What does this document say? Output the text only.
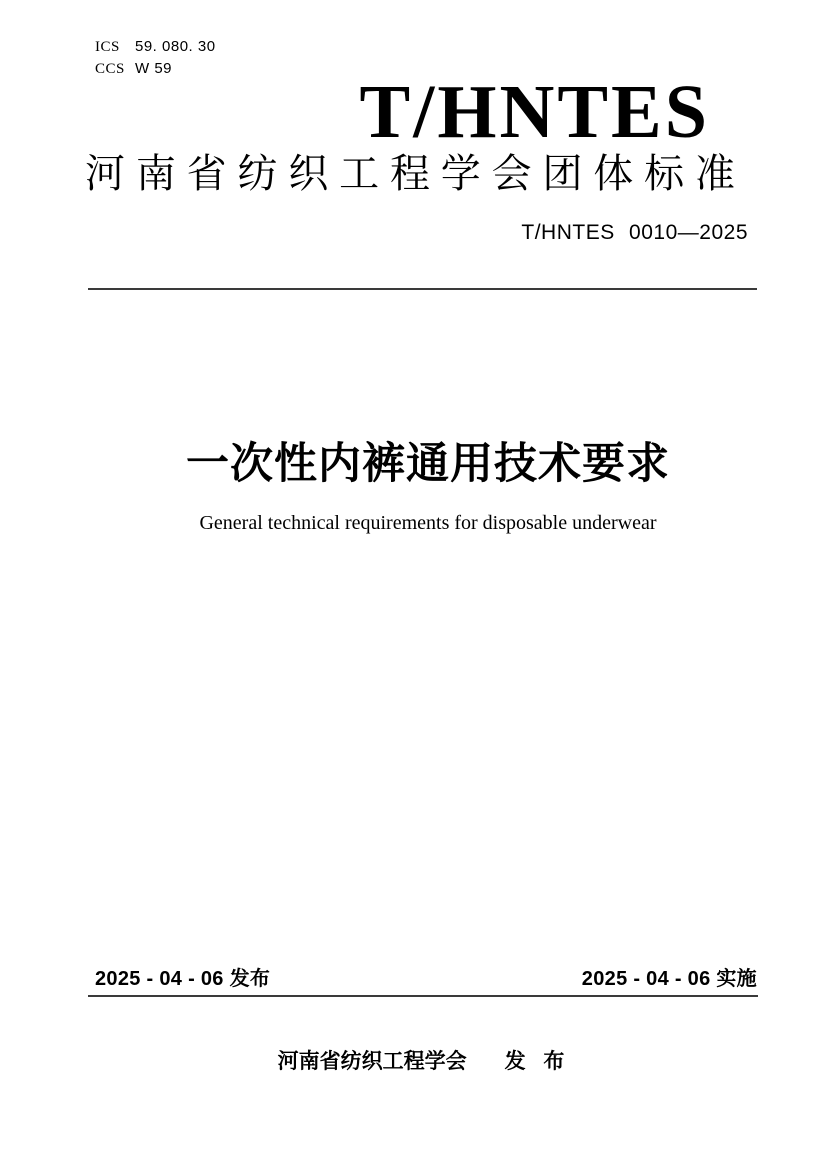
ICS	59. 080. 30
CCS W 59
T/HNTES
河 南 省 纺 织 工 程 学 会 团 体 标 准
T/HNTES 0010—2025
一次性内裤通用技术要求
General technical requirements for disposable underwear
2025 - 04 - 06 发布	2025 - 04 - 06 实施
河南省纺织工程学会 发 布
